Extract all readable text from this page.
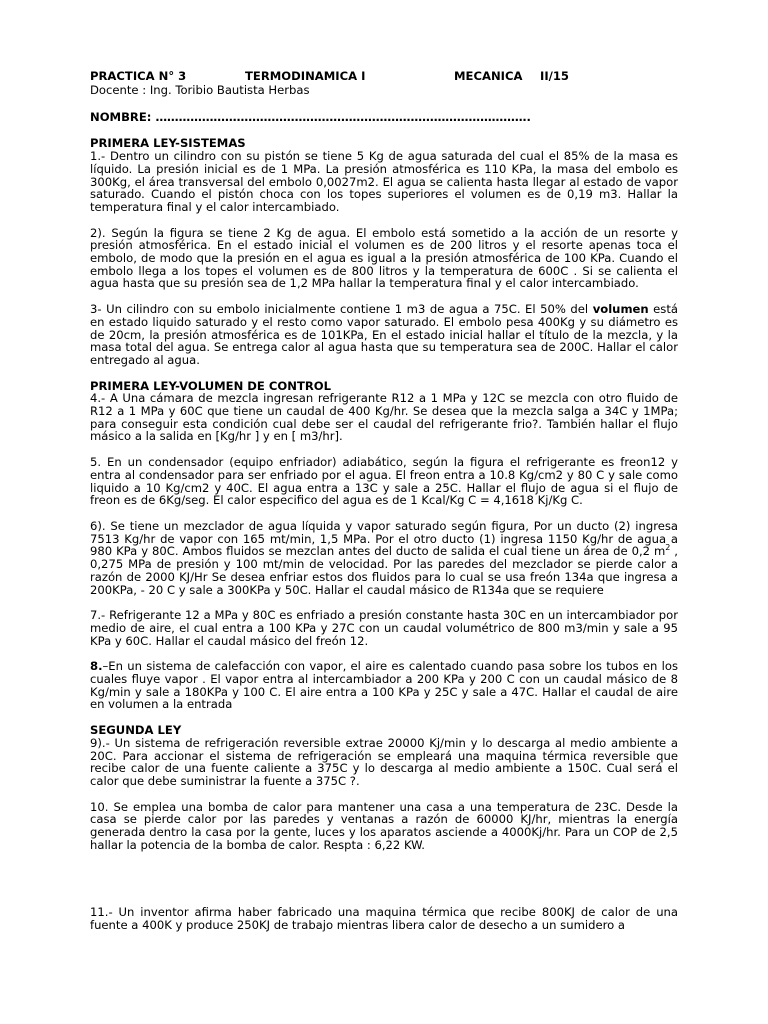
PRACTICA N° 3	TERMODINAMICA I	MECANICA II/15
Docente : Ing. Toribio Bautista Herbas
NOMBRE: …………………………………………………………………………………….
PRIMERA LEY-SISTEMAS

1.- Dentro un cilindro con su pistón se tiene 5 Kg de agua saturada del cual el 85% de la masa es líquido. La presión inicial es de 1 MPa. La presión atmosférica es 110 KPa, la masa del embolo es 300Kg, el área transversal del embolo 0,0027m2. El agua se calienta hasta llegar al estado de vapor saturado. Cuando el pistón choca con los topes superiores el volumen es de 0,19 m3. Hallar la temperatura final y el calor intercambiado.

2). Según la figura se tiene 2 Kg de agua. El embolo está sometido a la acción de un resorte y presión atmosférica. En el estado inicial el volumen es de 200 litros y el resorte apenas toca el embolo, de modo que la presión en el agua es igual a la presión atmosférica de 100 KPa. Cuando el embolo llega a los topes el volumen es de 800 litros y la temperatura de 600C . Si se calienta el agua hasta que su presión sea de 1,2 MPa hallar la temperatura final y el calor intercambiado.

3- Un cilindro con su embolo inicialmente contiene 1 m3 de agua a 75C. El 50% del volumen está en estado liquido saturado y el resto como vapor saturado. El embolo pesa 400Kg y su diámetro es de 20cm, la presión atmosférica es de 101KPa, En el estado inicial hallar el título de la mezcla, y la masa total del agua. Se entrega calor al agua hasta que su temperatura sea de 200C. Hallar el calor entregado al agua.

PRIMERA LEY-VOLUMEN DE CONTROL

4.- A Una cámara de mezcla ingresan refrigerante R12 a 1 MPa y 12C se mezcla con otro fluido de R12 a 1 MPa y 60C que tiene un caudal de 400 Kg/hr. Se desea que la mezcla salga a 34C y 1MPa; para conseguir esta condición cual debe ser el caudal del refrigerante frio?. También hallar el flujo másico a la salida en [Kg/hr ] y en [ m3/hr].

5. En un condensador (equipo enfriador) adiabático, según la figura el refrigerante es freon12 y entra al condensador para ser enfriado por el agua. El freon entra a 10.8 Kg/cm2 y 80 C y sale como liquido a 10 Kg/cm2 y 40C. El agua entra a 13C y sale a 25C. Hallar el flujo de agua si el flujo de freon es de 6Kg/seg. El calor especifico del agua es de 1 Kcal/Kg C = 4,1618 Kj/Kg C.

6). Se tiene un mezclador de agua líquida y vapor saturado según figura, Por un ducto (2) ingresa 7513 Kg/hr de vapor con 165 mt/min, 1,5 MPa. Por el otro ducto (1) ingresa 1150 Kg/hr de agua a 980 KPa y 80C. Ambos fluidos se mezclan antes del ducto de salida el cual tiene un área de 0,2 $m^2$ , 0,275 MPa de presión y 100 mt/min de velocidad. Por las paredes del mezclador se pierde calor a razón de 2000 KJ/Hr Se desea enfriar estos dos fluidos para lo cual se usa freón 134a que ingresa a 200KPa, - 20 C y sale a 300KPa y 50C. Hallar el caudal másico de R134a que se requiere

7.- Refrigerante 12 a MPa y 80C es enfriado a presión constante hasta 30C en un intercambiador por medio de aire, el cual entra a 100 KPa y 27C con un caudal volumétrico de 800 m3/min y sale a 95 KPa y 60C. Hallar el caudal másico del freón 12.

8.–En un sistema de calefacción con vapor, el aire es calentado cuando pasa sobre los tubos en los cuales fluye vapor . El vapor entra al intercambiador a 200 KPa y 200 C con un caudal másico de 8 Kg/min y sale a 180KPa y 100 C. El aire entra a 100 KPa y 25C y sale a 47C. Hallar el caudal de aire en volumen a la entrada

SEGUNDA LEY

9).- Un sistema de refrigeración reversible extrae 20000 Kj/min y lo descarga al medio ambiente a 20C. Para accionar el sistema de refrigeración se empleará una maquina térmica reversible que recibe calor de una fuente caliente a 375C y lo descarga al medio ambiente a 150C. Cual será el calor que debe suministrar la fuente a 375C ?.

10. Se emplea una bomba de calor para mantener una casa a una temperatura de 23C. Desde la casa se pierde calor por las paredes y ventanas a razón de 60000 KJ/hr, mientras la energía generada dentro la casa por la gente, luces y los aparatos asciende a 4000Kj/hr. Para un COP de 2,5 hallar la potencia de la bomba de calor. Respta : 6,22 KW.

11.- Un inventor afirma haber fabricado una maquina térmica que recibe 800KJ de calor de una fuente a 400K y produce 250KJ de trabajo mientras libera calor de desecho a un sumidero a
